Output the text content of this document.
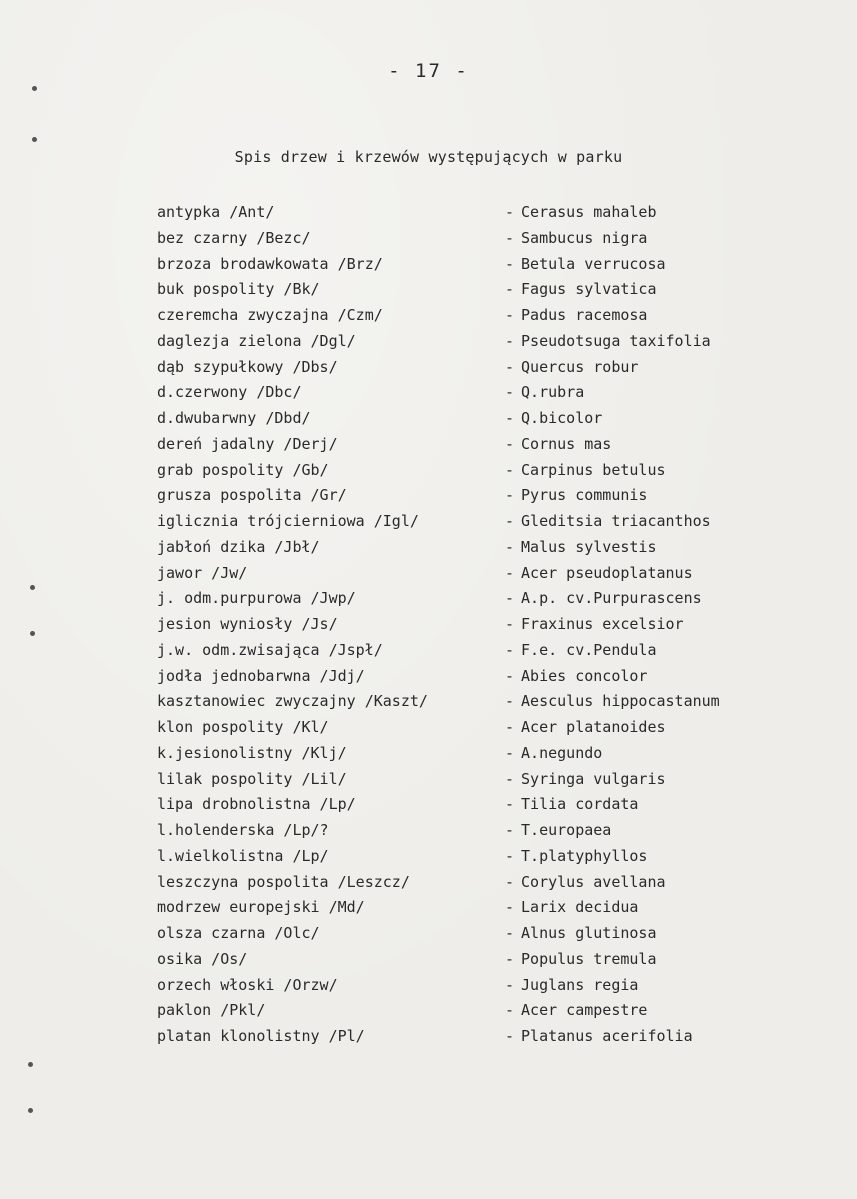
- 17 -
Spis drzew i krzewów występujących w parku
antypka /Ant/	- Cerasus mahaleb
bez czarny /Bezc/	- Sambucus nigra
brzoza brodawkowata /Brz/	- Betula verrucosa
buk pospolity /Bk/	- Fagus sylvatica
czeremcha zwyczajna /Czm/	- Padus racemosa
daglezja zielona /Dgl/	- Pseudotsuga taxifolia
dąb szypułkowy /Dbs/	- Quercus robur
d.czerwony /Dbc/	- Q.rubra
d.dwubarwny /Dbd/	- Q.bicolor
dereń jadalny /Derj/	- Cornus mas
grab pospolity /Gb/	- Carpinus betulus
grusza pospolita /Gr/	- Pyrus communis
iglicznia trójcierniowa /Igl/	- Gleditsia triacanthos
jabłoń dzika /Jbł/	- Malus sylvestis
jawor /Jw/	- Acer pseudoplatanus
j. odm.purpurowa /Jwp/	- A.p. cv.Purpurascens
jesion wyniosły /Js/	- Fraxinus excelsior
j.w. odm.zwisająca /Jspł/	- F.e. cv.Pendula
jodła jednobarwna /Jdj/	- Abies concolor
kasztanowiec zwyczajny /Kaszt/	- Aesculus hippocastanum
klon pospolity /Kl/	- Acer platanoides
k.jesionolistny /Klj/	- A.negundo
lilak pospolity /Lil/	- Syringa vulgaris
lipa drobnolistna /Lp/	- Tilia cordata
l.holenderska /Lp/?	- T.europaea
l.wielkolistna /Lp/	- T.platyphyllos
leszczyna pospolita /Leszcz/	- Corylus avellana
modrzew europejski /Md/	- Larix decidua
olsza czarna /Olc/	- Alnus glutinosa
osika /Os/	- Populus tremula
orzech włoski /Orzw/	- Juglans regia
paklon /Pkl/	- Acer campestre
platan klonolistny /Pl/	- Platanus acerifolia
